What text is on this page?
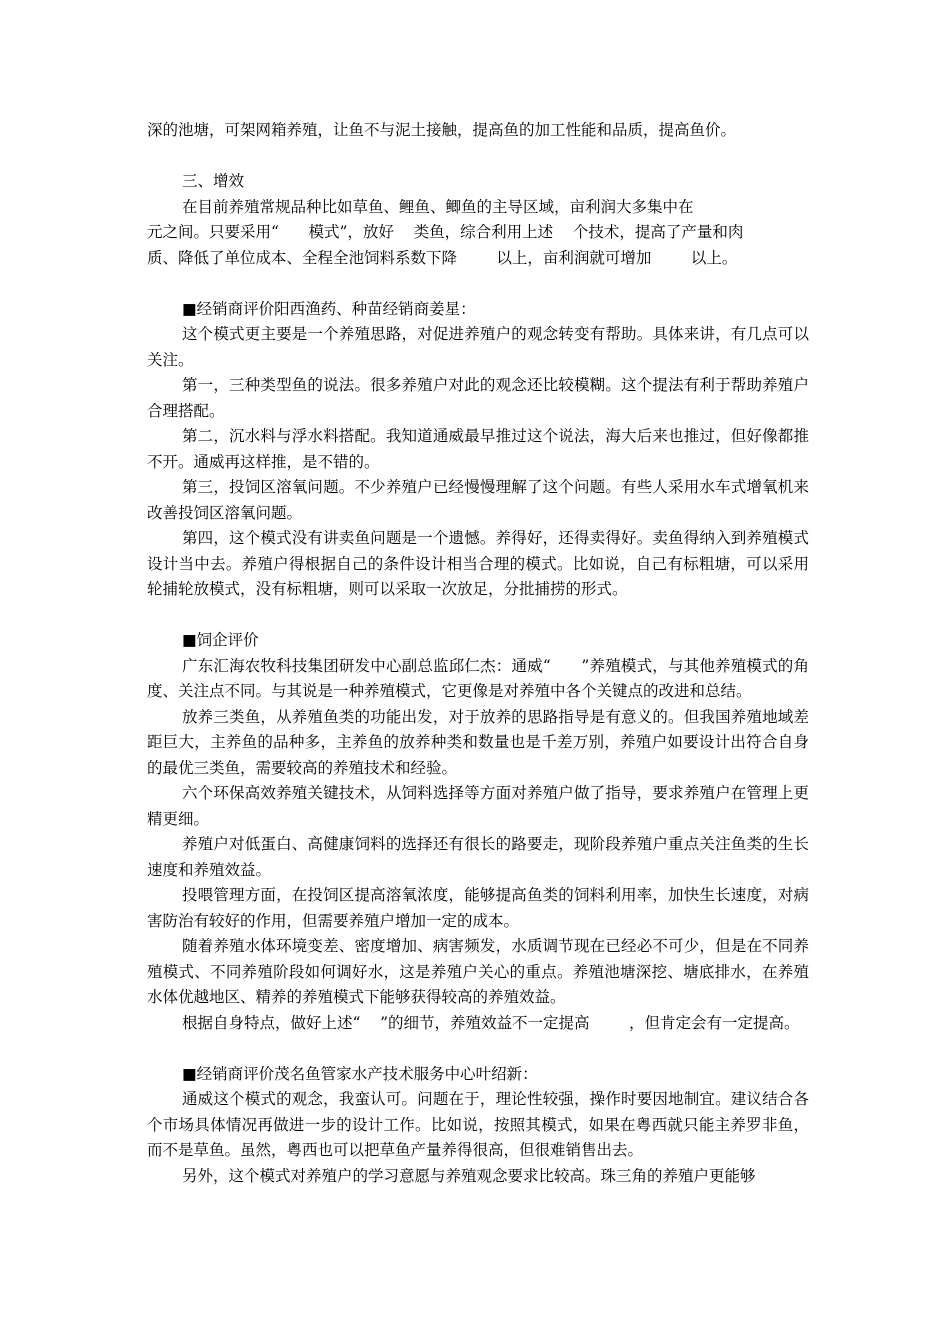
深的池塘，可架网箱养殖，让鱼不与泥土接触，提高鱼的加工性能和品质，提高鱼价。
三、增效
在目前养殖常规品种比如草鱼、鲤鱼、鲫鱼的主导区域，亩利润大多集中在
元之间。只要采用“      模式”，放好    类鱼，综合利用上述    个技术，提高了产量和肉
质、降低了单位成本、全程全池饲料系数下降        以上，亩利润就可增加        以上。
■经销商评价阳西渔药、种苗经销商姜星：
这个模式更主要是一个养殖思路，对促进养殖户的观念转变有帮助。具体来讲，有几点可以关注。
第一，三种类型鱼的说法。很多养殖户对此的观念还比较模糊。这个提法有利于帮助养殖户合理搭配。
第二，沉水料与浮水料搭配。我知道通威最早推过这个说法，海大后来也推过，但好像都推不开。通威再这样推，是不错的。
第三，投饲区溶氧问题。不少养殖户已经慢慢理解了这个问题。有些人采用水车式增氧机来改善投饲区溶氧问题。
第四，这个模式没有讲卖鱼问题是一个遗憾。养得好，还得卖得好。卖鱼得纳入到养殖模式设计当中去。养殖户得根据自己的条件设计相当合理的模式。比如说，自己有标粗塘，可以采用轮捕轮放模式，没有标粗塘，则可以采取一次放足，分批捕捞的形式。
■饲企评价
广东汇海农牧科技集团研发中心副总监邱仁杰：通威“      ”养殖模式，与其他养殖模式的角度、关注点不同。与其说是一种养殖模式，它更像是对养殖中各个关键点的改进和总结。
放养三类鱼，从养殖鱼类的功能出发，对于放养的思路指导是有意义的。但我国养殖地域差距巨大，主养鱼的品种多，主养鱼的放养种类和数量也是千差万别，养殖户如要设计出符合自身的最优三类鱼，需要较高的养殖技术和经验。
六个环保高效养殖关键技术，从饲料选择等方面对养殖户做了指导，要求养殖户在管理上更精更细。
养殖户对低蛋白、高健康饲料的选择还有很长的路要走，现阶段养殖户重点关注鱼类的生长速度和养殖效益。
投喂管理方面，在投饲区提高溶氧浓度，能够提高鱼类的饲料利用率，加快生长速度，对病害防治有较好的作用，但需要养殖户增加一定的成本。
随着养殖水体环境变差、密度增加、病害频发，水质调节现在已经必不可少，但是在不同养殖模式、不同养殖阶段如何调好水，这是养殖户关心的重点。养殖池塘深挖、塘底排水，在养殖水体优越地区、精养的养殖模式下能够获得较高的养殖效益。
根据自身特点，做好上述“    ”的细节，养殖效益不一定提高        ，但肯定会有一定提高。
■经销商评价茂名鱼管家水产技术服务中心叶绍新：
通威这个模式的观念，我蛮认可。问题在于，理论性较强，操作时要因地制宜。建议结合各个市场具体情况再做进一步的设计工作。比如说，按照其模式，如果在粤西就只能主养罗非鱼，而不是草鱼。虽然，粤西也可以把草鱼产量养得很高，但很难销售出去。
另外，这个模式对养殖户的学习意愿与养殖观念要求比较高。珠三角的养殖户更能够
